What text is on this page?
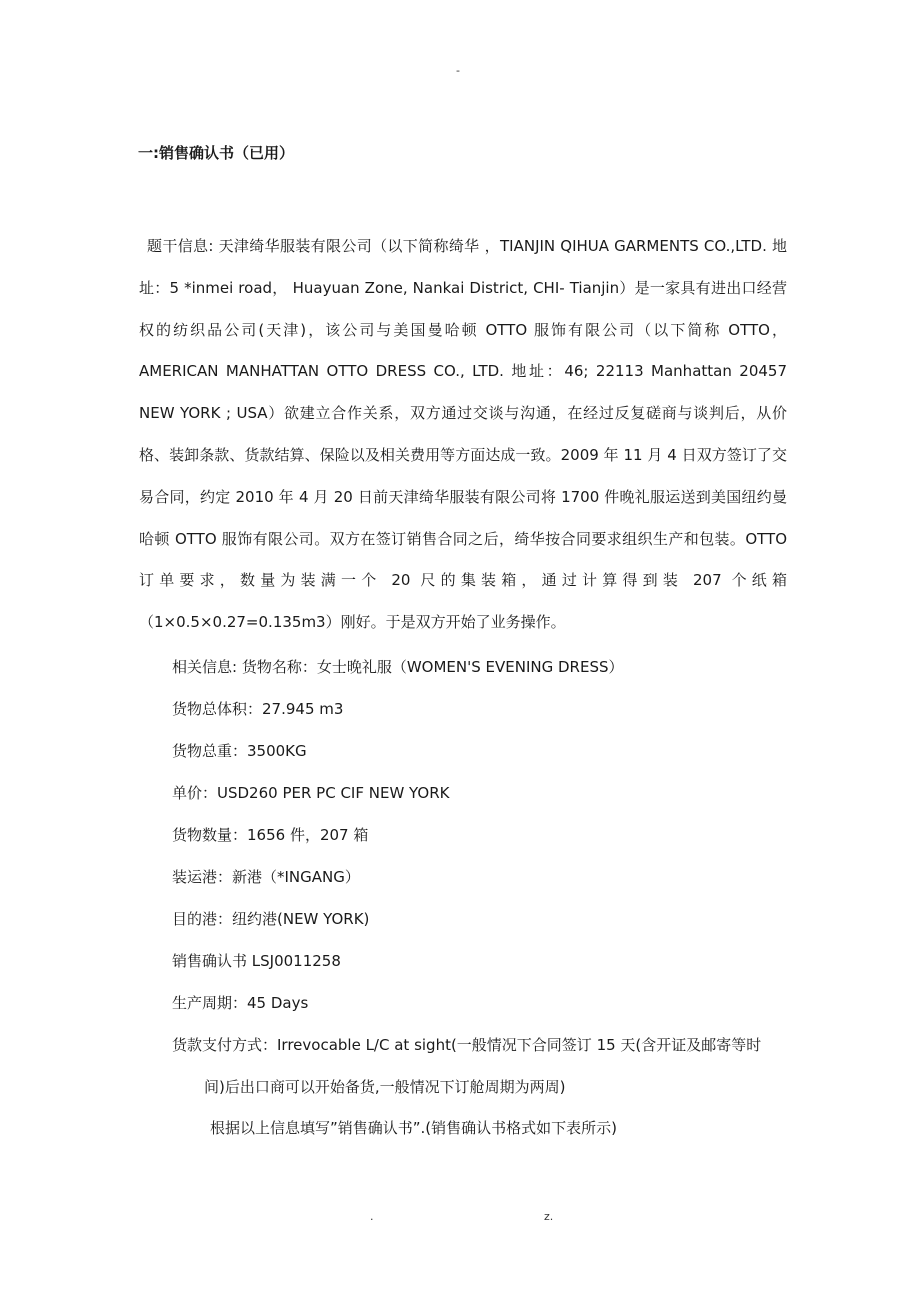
-
一:销售确认书（已用）
题干信息: 天津绮华服装有限公司（以下简称绮华 ，TIANJIN QIHUA GARMENTS CO.,LTD. 地址：5 *inmei road， Huayuan Zone, Nankai District, CHI- Tianjin）是一家具有进出口经营权的纺织品公司(天津)，该公司与美国曼哈顿 OTTO 服饰有限公司（以下简称 OTTO，AMERICAN MANHATTAN OTTO DRESS CO., LTD. 地址：46; 22113 Manhattan 20457 NEW YORK ; USA）欲建立合作关系，双方通过交谈与沟通，在经过反复磋商与谈判后，从价格、装卸条款、货款结算、保险以及相关费用等方面达成一致。2009 年 11 月 4 日双方签订了交易合同，约定 2010 年 4 月 20 日前天津绮华服装有限公司将 1700 件晚礼服运送到美国纽约曼哈顿 OTTO 服饰有限公司。双方在签订销售合同之后，绮华按合同要求组织生产和包装。OTTO 订单要求，数量为装满一个 20 尺的集装箱，通过计算得到装 207 个纸箱（1×0.5×0.27=0.135m3）刚好。于是双方开始了业务操作。
相关信息: 货物名称：女士晚礼服（WOMEN'S EVENING DRESS）
货物总体积：27.945 m3
货物总重：3500KG
单价：USD260 PER PC CIF NEW YORK
货物数量：1656 件，207 箱
装运港：新港（*INGANG）
目的港：纽约港(NEW YORK)
销售确认书 LSJ0011258
生产周期：45 Days
货款支付方式：Irrevocable L/C at sight(一般情况下合同签订 15 天(含开证及邮寄等时
间)后出口商可以开始备货,一般情况下订舱周期为两周)
根据以上信息填写”销售确认书”.(销售确认书格式如下表所示)
.	z.
